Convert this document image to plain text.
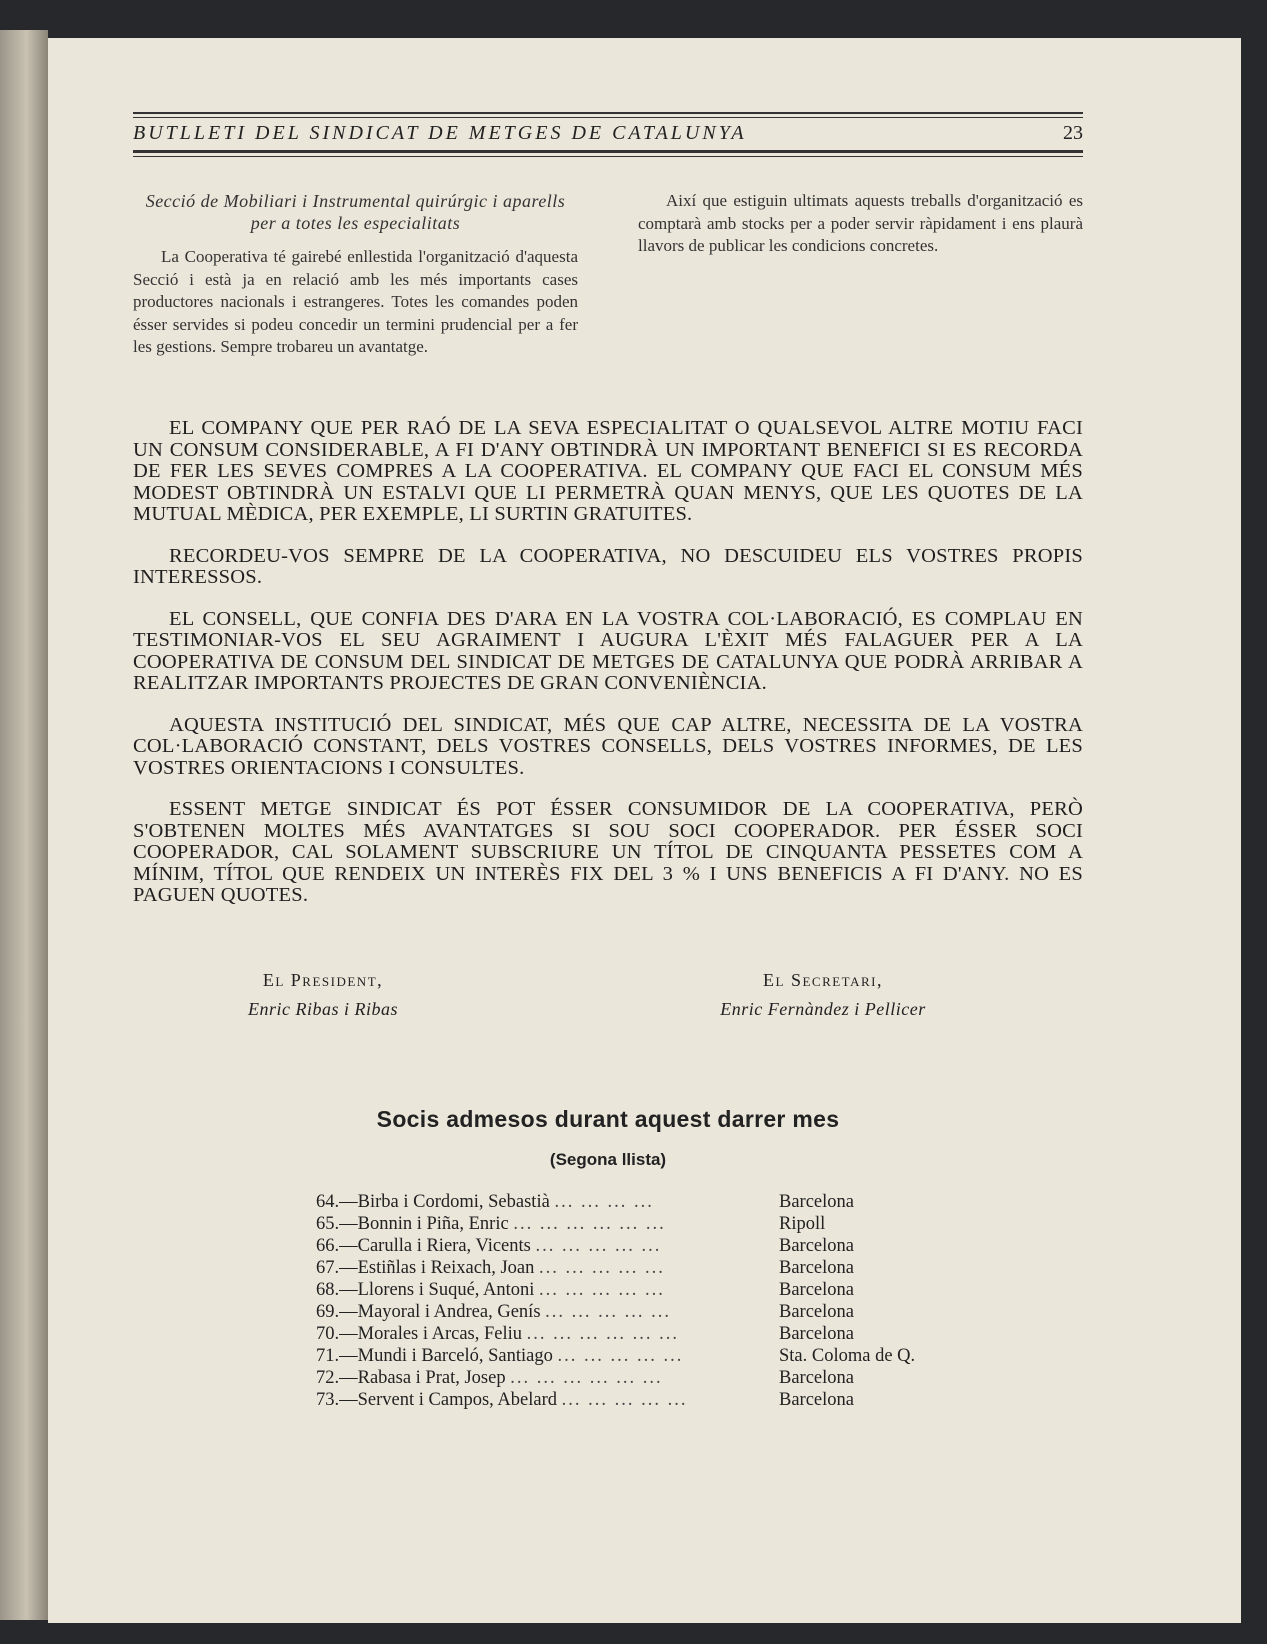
BUTLLETI DEL SINDICAT DE METGES DE CATALUNYA	23

Secció de Mobiliari i Instrumental quirúrgic i aparells per a totes les especialitats

La Cooperativa té gairebé enllestida l'organització d'aquesta Secció i està ja en relació amb les més importants cases productores nacionals i estrangeres. Totes les comandes poden ésser servides si podeu concedir un termini prudencial per a fer les gestions. Sempre trobareu un avantatge.

Així que estiguin ultimats aquests treballs d'organització es comptarà amb stocks per a poder servir ràpidament i ens plaurà llavors de publicar les condicions concretes.

EL COMPANY QUE PER RAÓ DE LA SEVA ESPECIALITAT O QUALSEVOL ALTRE MOTIU FACI UN CONSUM CONSIDERABLE, A FI D'ANY OBTINDRÀ UN IMPORTANT BENEFICI SI ES RECORDA DE FER LES SEVES COMPRES A LA COOPERATIVA. EL COMPANY QUE FACI EL CONSUM MÉS MODEST OBTINDRÀ UN ESTALVI QUE LI PERMETRÀ QUAN MENYS, QUE LES QUOTES DE LA MUTUAL MÈDICA, PER EXEMPLE, LI SURTIN GRATUITES.

RECORDEU-VOS SEMPRE DE LA COOPERATIVA, NO DESCUIDEU ELS VOSTRES PROPIS INTERESSOS.

EL CONSELL, QUE CONFIA DES D'ARA EN LA VOSTRA COL·LABORACIÓ, ES COMPLAU EN TESTIMONIAR-VOS EL SEU AGRAIMENT I AUGURA L'ÈXIT MÉS FALAGUER PER A LA COOPERATIVA DE CONSUM DEL SINDICAT DE METGES DE CATALUNYA QUE PODRÀ ARRIBAR A REALITZAR IMPORTANTS PROJECTES DE GRAN CONVENIÈNCIA.

AQUESTA INSTITUCIÓ DEL SINDICAT, MÉS QUE CAP ALTRE, NECESSITA DE LA VOSTRA COL·LABORACIÓ CONSTANT, DELS VOSTRES CONSELLS, DELS VOSTRES INFORMES, DE LES VOSTRES ORIENTACIONS I CONSULTES.

ESSENT METGE SINDICAT ÉS POT ÉSSER CONSUMIDOR DE LA COOPERATIVA, PERÒ S'OBTENEN MOLTES MÉS AVANTATGES SI SOU SOCI COOPERADOR. PER ÉSSER SOCI COOPERADOR, CAL SOLAMENT SUBSCRIURE UN TÍTOL DE CINQUANTA PESSETES COM A MÍNIM, TÍTOL QUE RENDEIX UN INTERÈS FIX DEL 3 % I UNS BENEFICIS A FI D'ANY. NO ES PAGUEN QUOTES.

El President,
Enric Ribas i Ribas
El Secretari,
Enric Fernàndez i Pellicer
Socis admesos durant aquest darrer mes
(Segona llista)
64.—Birba i Cordomi, Sebastià ... ... ... ...	Barcelona
65.—Bonnin i Piña, Enric ... ... ... ... ... ...	Ripoll
66.—Carulla i Riera, Vicents ... ... ... ... ...	Barcelona
67.—Estiñlas i Reixach, Joan ... ... ... ... ...	Barcelona
68.—Llorens i Suqué, Antoni ... ... ... ... ...	Barcelona
69.—Mayoral i Andrea, Genís ... ... ... ... ...	Barcelona
70.—Morales i Arcas, Feliu ... ... ... ... ... ...	Barcelona
71.—Mundi i Barceló, Santiago ... ... ... ... ...	Sta. Coloma de Q.
72.—Rabasa i Prat, Josep ... ... ... ... ... ...	Barcelona
73.—Servent i Campos, Abelard ... ... ... ... ...	Barcelona
